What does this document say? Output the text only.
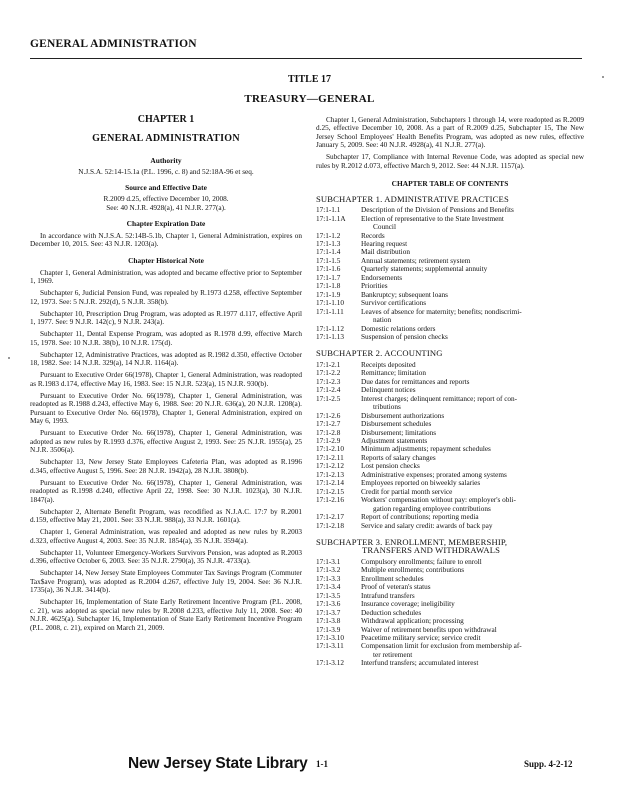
GENERAL ADMINISTRATION
TITLE 17
TREASURY—GENERAL
CHAPTER 1
GENERAL ADMINISTRATION
Authority
N.J.S.A. 52:14-15.1a (P.L. 1996, c. 8) and 52:18A-96 et seq.
Source and Effective Date
R.2009 d.25, effective December 10, 2008.
See: 40 N.J.R. 4928(a), 41 N.J.R. 277(a).
Chapter Expiration Date

In accordance with N.J.S.A. 52:14B-5.1b, Chapter 1, General Administration, expires on December 10, 2015. See: 43 N.J.R. 1203(a).

Chapter Historical Note

Chapter 1, General Administration, was adopted and became effective prior to September 1, 1969.

Subchapter 6, Judicial Pension Fund, was repealed by R.1973 d.258, effective September 12, 1973. See: 5 N.J.R. 292(d), 5 N.J.R. 358(b).

Subchapter 10, Prescription Drug Program, was adopted as R.1977 d.117, effective April 1, 1977. See: 9 N.J.R. 142(c), 9 N.J.R. 243(a).

Subchapter 11, Dental Expense Program, was adopted as R.1978 d.99, effective March 15, 1978. See: 10 N.J.R. 38(b), 10 N.J.R. 175(d).

Subchapter 12, Administrative Practices, was adopted as R.1982 d.350, effective October 18, 1982. See: 14 N.J.R. 329(a), 14 N.J.R. 1164(a).

Pursuant to Executive Order 66(1978), Chapter 1, General Administration, was readopted as R.1983 d.174, effective May 16, 1983. See: 15 N.J.R. 523(a), 15 N.J.R. 930(b).

Pursuant to Executive Order No. 66(1978), Chapter 1, General Administration, was readopted as R.1988 d.243, effective May 6, 1988. See: 20 N.J.R. 636(a), 20 N.J.R. 1208(a). Pursuant to Executive Order No. 66(1978), Chapter 1, General Administration, expired on May 6, 1993.

Pursuant to Executive Order No. 66(1978), Chapter 1, General Administration, was adopted as new rules by R.1993 d.376, effective August 2, 1993. See: 25 N.J.R. 1955(a), 25 N.J.R. 3506(a).

Subchapter 13, New Jersey State Employees Cafeteria Plan, was adopted as R.1996 d.345, effective August 5, 1996. See: 28 N.J.R. 1942(a), 28 N.J.R. 3808(b).

Pursuant to Executive Order No. 66(1978), Chapter 1, General Administration, was readopted as R.1998 d.240, effective April 22, 1998. See: 30 N.J.R. 1023(a), 30 N.J.R. 1847(a).

Subchapter 2, Alternate Benefit Program, was recodified as N.J.A.C. 17:7 by R.2001 d.159, effective May 21, 2001. See: 33 N.J.R. 988(a), 33 N.J.R. 1601(a).

Chapter 1, General Administration, was repealed and adopted as new rules by R.2003 d.323, effective August 4, 2003. See: 35 N.J.R. 1854(a), 35 N.J.R. 3594(a).

Subchapter 11, Volunteer Emergency-Workers Survivors Pension, was adopted as R.2003 d.396, effective October 6, 2003. See: 35 N.J.R. 2790(a), 35 N.J.R. 4733(a).

Subchapter 14, New Jersey State Employees Commuter Tax Savings Program (Commuter Tax$ave Program), was adopted as R.2004 d.267, effective July 19, 2004. See: 36 N.J.R. 1735(a), 36 N.J.R. 3414(b).

Subchapter 16, Implementation of State Early Retirement Incentive Program (P.L. 2008, c. 21), was adopted as special new rules by R.2008 d.233, effective July 11, 2008. See: 40 N.J.R. 4625(a). Subchapter 16, Implementation of State Early Retirement Incentive Program (P.L. 2008, c. 21), expired on March 21, 2009.

Chapter 1, General Administration, Subchapters 1 through 14, were readopted as R.2009 d.25, effective December 10, 2008. As a part of R.2009 d.25, Subchapter 15, The New Jersey School Employees' Health Benefits Program, was adopted as new rules, effective January 5, 2009. See: 40 N.J.R. 4928(a), 41 N.J.R. 277(a).

Subchapter 17, Compliance with Internal Revenue Code, was adopted as special new rules by R.2012 d.073, effective March 9, 2012. See: 44 N.J.R. 1157(a).

CHAPTER TABLE OF CONTENTS
SUBCHAPTER 1. ADMINISTRATIVE PRACTICES
17:1-1.1	Description of the Division of Pensions and Benefits
17:1-1.1A	Election of representative to the State Investment
Council
17:1-1.2	Records
17:1-1.3	Hearing request
17:1-1.4	Mail distribution
17:1-1.5	Annual statements; retirement system
17:1-1.6	Quarterly statements; supplemental annuity
17:1-1.7	Endorsements
17:1-1.8	Priorities
17:1-1.9	Bankruptcy; subsequent loans
17:1-1.10	Survivor certifications
17:1-1.11	Leaves of absence for maternity; benefits; nondiscrimi-
nation
17:1-1.12	Domestic relations orders
17:1-1.13	Suspension of pension checks
SUBCHAPTER 2. ACCOUNTING
17:1-2.1	Receipts deposited
17:1-2.2	Remittance; limitation
17:1-2.3	Due dates for remittances and reports
17:1-2.4	Delinquent notices
17:1-2.5	Interest charges; delinquent remittance; report of con-
tributions
17:1-2.6	Disbursement authorizations
17:1-2.7	Disbursement schedules
17:1-2.8	Disbursement; limitations
17:1-2.9	Adjustment statements
17:1-2.10	Minimum adjustments; repayment schedules
17:1-2.11	Reports of salary changes
17:1-2.12	Lost pension checks
17:1-2.13	Administrative expenses; prorated among systems
17:1-2.14	Employees reported on biweekly salaries
17:1-2.15	Credit for partial month service
17:1-2.16	Workers' compensation without pay: employer's obli-
gation regarding employee contributions
17:1-2.17	Report of contributions; reporting media
17:1-2.18	Service and salary credit: awards of back pay
SUBCHAPTER 3. ENROLLMENT, MEMBERSHIP,
TRANSFERS AND WITHDRAWALS
17:1-3.1	Compulsory enrollments; failure to enroll
17:1-3.2	Multiple enrollments; contributions
17:1-3.3	Enrollment schedules
17:1-3.4	Proof of veteran's status
17:1-3.5	Intrafund transfers
17:1-3.6	Insurance coverage; ineligibility
17:1-3.7	Deduction schedules
17:1-3.8	Withdrawal application; processing
17:1-3.9	Waiver of retirement benefits upon withdrawal
17:1-3.10	Peacetime military service; service credit
17:1-3.11	Compensation limit for exclusion from membership af-
ter retirement
17:1-3.12	Interfund transfers; accumulated interest
New Jersey State Library 1-1	Supp. 4-2-12
